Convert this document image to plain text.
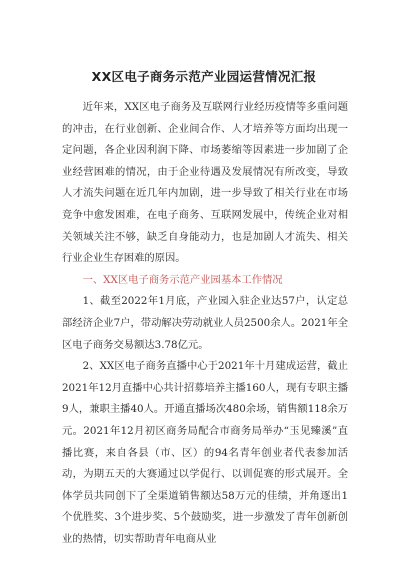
XX区电子商务示范产业园运营情况汇报

近年来，XX区电子商务及互联网行业经历疫情等多重问题的冲击，在行业创新、企业间合作、人才培养等方面均出现一定问题，各企业因利润下降、市场萎缩等因素进一步加剧了企业经营困难的情况，由于企业待遇及发展情况有所改变，导致人才流失问题在近几年内加剧，进一步导致了相关行业在市场竞争中愈发困难，在电子商务、互联网发展中，传统企业对相关领域关注不够，缺乏自身能动力，也是加剧人才流失、相关行业企业生存困难的原因。

一、XX区电子商务示范产业园基本工作情况

1、截至2022年1月底，产业园入驻企业达57户，认定总部经济企业7户，带动解决劳动就业人员2500余人。2021年全区电子商务交易额达3.78亿元。

2、XX区电子商务直播中心于2021年十月建成运营，截止2021年12月直播中心共计招募培养主播160人，现有专职主播9人，兼职主播40人。开通直播场次480余场，销售额118余万元。2021年12月初区商务局配合市商务局举办“玉见臻溪”直播比赛，来自各县（市、区）的94名青年创业者代表参加活动，为期五天的大赛通过以学促行、以训促赛的形式展开。全体学员共同创下了全渠道销售额达58万元的佳绩，并角逐出1个优胜奖、3个进步奖、5个鼓励奖，进一步激发了青年创新创业的热情，切实帮助青年电商从业
